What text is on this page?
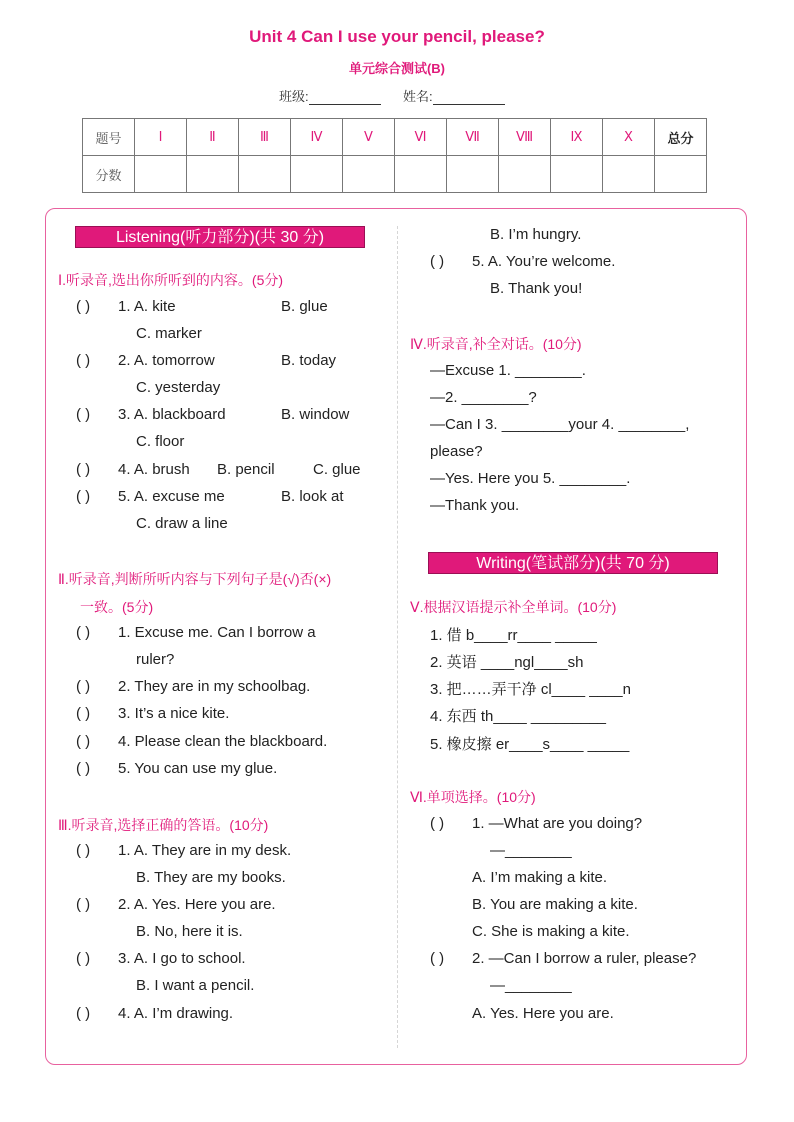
Unit 4 Can I use your pencil, please?
单元综合测试(B)
班级:	姓名:
题号	Ⅰ	Ⅱ	Ⅲ	Ⅳ	Ⅴ	Ⅵ	Ⅶ	Ⅷ	Ⅸ	Ⅹ	总分
分数											
Listening(听力部分)(共 30 分)
Ⅰ.听录音,选出你所听到的内容。(5分)
( ) 1. A. kite	B. glue
C. marker
( ) 2. A. tomorrow	B. today
C. yesterday
( ) 3. A. blackboard	B. window
C. floor
( ) 4. A. brush B. pencil	C. glue
( ) 5. A. excuse me	B. look at
C. draw a line
Ⅱ.听录音,判断所听内容与下列句子是(√)否(×)
一致。(5分)
( ) 1. Excuse me. Can I borrow a
ruler?
( ) 2. They are in my schoolbag.
( ) 3. It’s a nice kite.
( ) 4. Please clean the blackboard.
( ) 5. You can use my glue.
Ⅲ.听录音,选择正确的答语。(10分)
( ) 1. A. They are in my desk.
B. They are my books.
( ) 2. A. Yes. Here you are.
B. No, here it is.
( ) 3. A. I go to school.
B. I want a pencil.
( ) 4. A. I’m drawing.
B. I’m hungry.
( ) 5. A. You’re welcome.
B. Thank you!
Ⅳ.听录音,补全对话。(10分)
—Excuse 1. ________.
—2. ________?
—Can I 3. ________your 4. ________,
please?
—Yes. Here you 5. ________.
—Thank you.
Writing(笔试部分)(共 70 分)
Ⅴ.根据汉语提示补全单词。(10分)
1. 借 b____rr____ _____
2. 英语 ____ngl____sh
3. 把……弄干净 cl____ ____n
4. 东西 th____ _________
5. 橡皮擦 er____s____ _____
Ⅵ.单项选择。(10分)
( ) 1. —What are you doing?
—________
A. I’m making a kite.
B. You are making a kite.
C. She is making a kite.
( ) 2. —Can I borrow a ruler, please?
—________
A. Yes. Here you are.
